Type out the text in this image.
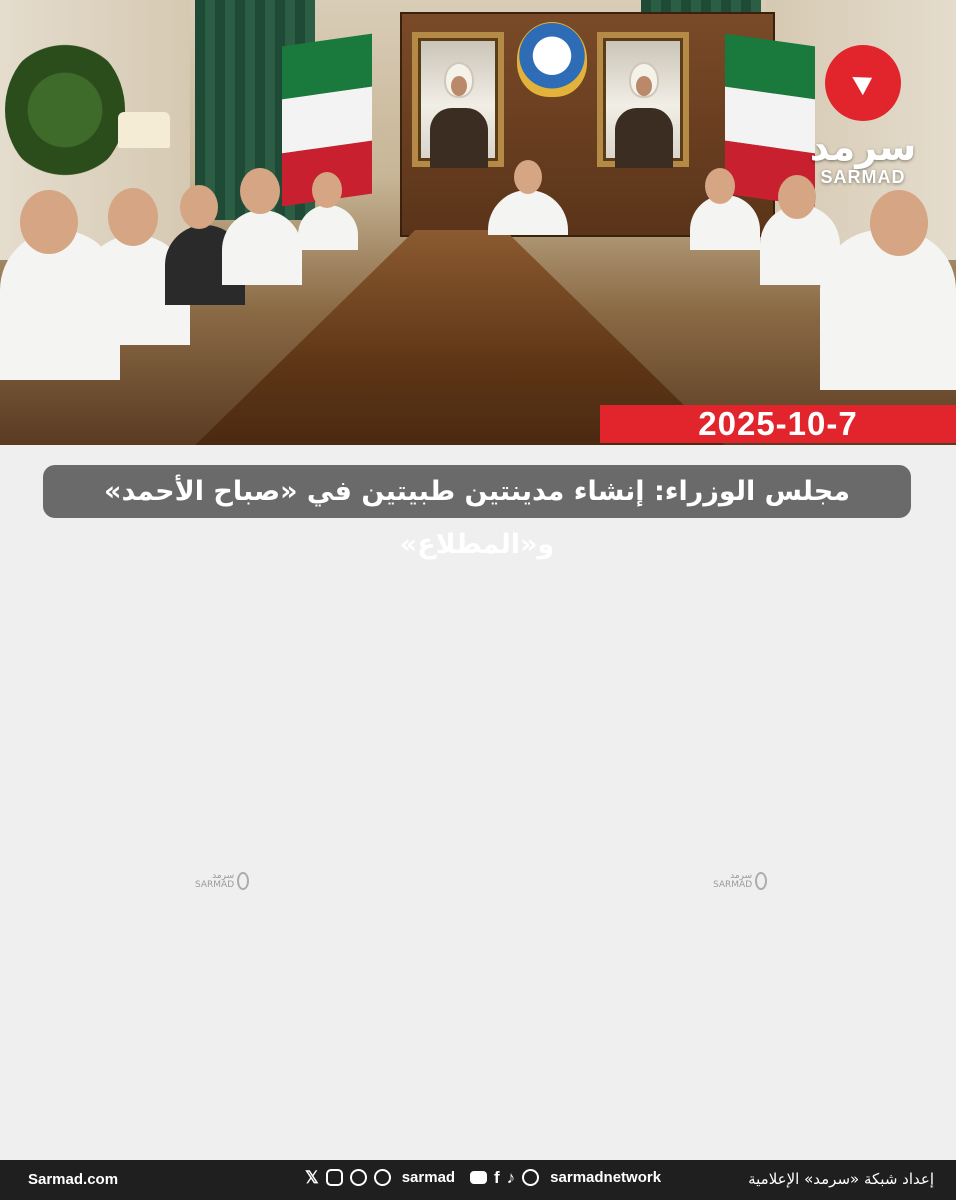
سرمد
SARMAD
2025-10-7
مجلس الوزراء: إنشاء مدينتين طبيتين في «صباح الأحمد» و«المطلاع»

سرمد
SARMAD
سرمد
SARMAD
Sarmad.com	𝕏	sarmad f ♪ sarmadnetwork	إعداد شبكة «سرمد» الإعلامية
